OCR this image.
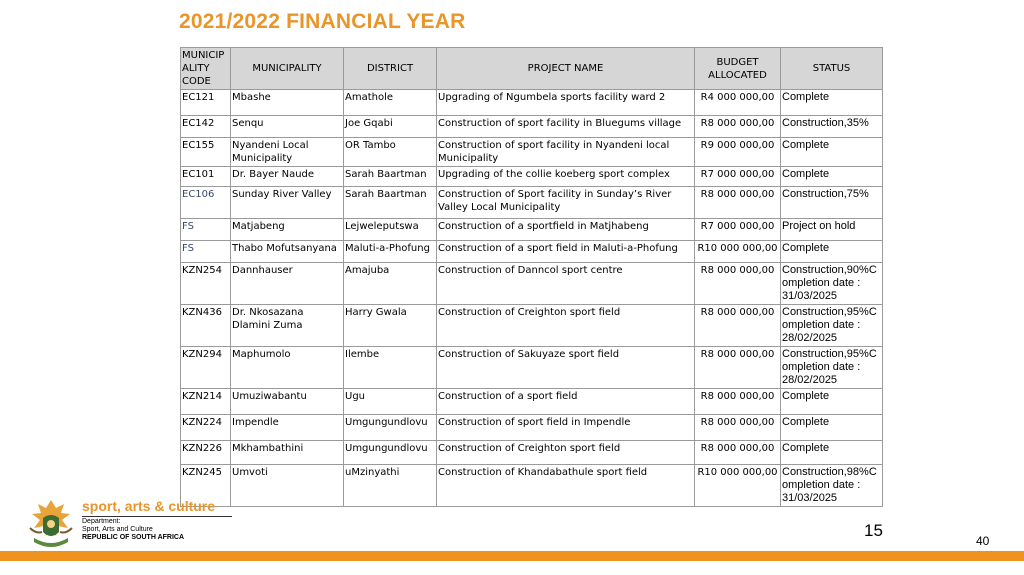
2021/2022 FINANCIAL YEAR
MUNICIPALITY CODE	MUNICIPALITY	DISTRICT	PROJECT NAME	BUDGET ALLOCATED	STATUS
EC121	Mbashe	Amathole	Upgrading of Ngumbela sports facility ward 2	R4 000 000,00	Complete
EC142	Senqu	Joe Gqabi	Construction of sport facility in Bluegums village	R8 000 000,00	Construction,35%
EC155	Nyandeni Local Municipality	OR Tambo	Construction of sport facility in Nyandeni local Municipality	R9 000 000,00	Complete
EC101	Dr. Bayer Naude	Sarah Baartman	Upgrading of the collie koeberg sport complex	R7 000 000,00	Complete
EC106	Sunday River Valley	Sarah Baartman	Construction of Sport facility in Sunday’s River Valley Local Municipality	R8 000 000,00	Construction,75%
FS	Matjabeng	Lejweleputswa	Construction of a sportfield in Matjhabeng	R7 000 000,00	Project on hold
FS	Thabo Mofutsanyana	Maluti-a-Phofung	Construction of a sport field in Maluti-a-Phofung	R10 000 000,00	Complete
KZN254	Dannhauser	Amajuba	Construction of Danncol sport centre	R8 000 000,00	Construction,90%Completion date : 31/03/2025
KZN436	Dr. Nkosazana Dlamini Zuma	Harry Gwala	Construction of Creighton sport field	R8 000 000,00	Construction,95%Completion date : 28/02/2025
KZN294	Maphumolo	Ilembe	Construction of Sakuyaze sport field	R8 000 000,00	Construction,95%Completion date : 28/02/2025
KZN214	Umuziwabantu	Ugu	Construction of a sport field	R8 000 000,00	Complete
KZN224	Impendle	Umgungundlovu	Construction of sport field in Impendle	R8 000 000,00	Complete
KZN226	Mkhambathini	Umgungundlovu	Construction of Creighton sport field	R8 000 000,00	Complete
KZN245	Umvoti	uMzinyathi	Construction of Khandabathule sport field	R10 000 000,00	Construction,98%Completion date : 31/03/2025
sport, arts & culture
Department:
Sport, Arts and Culture
REPUBLIC OF SOUTH AFRICA	15
40
